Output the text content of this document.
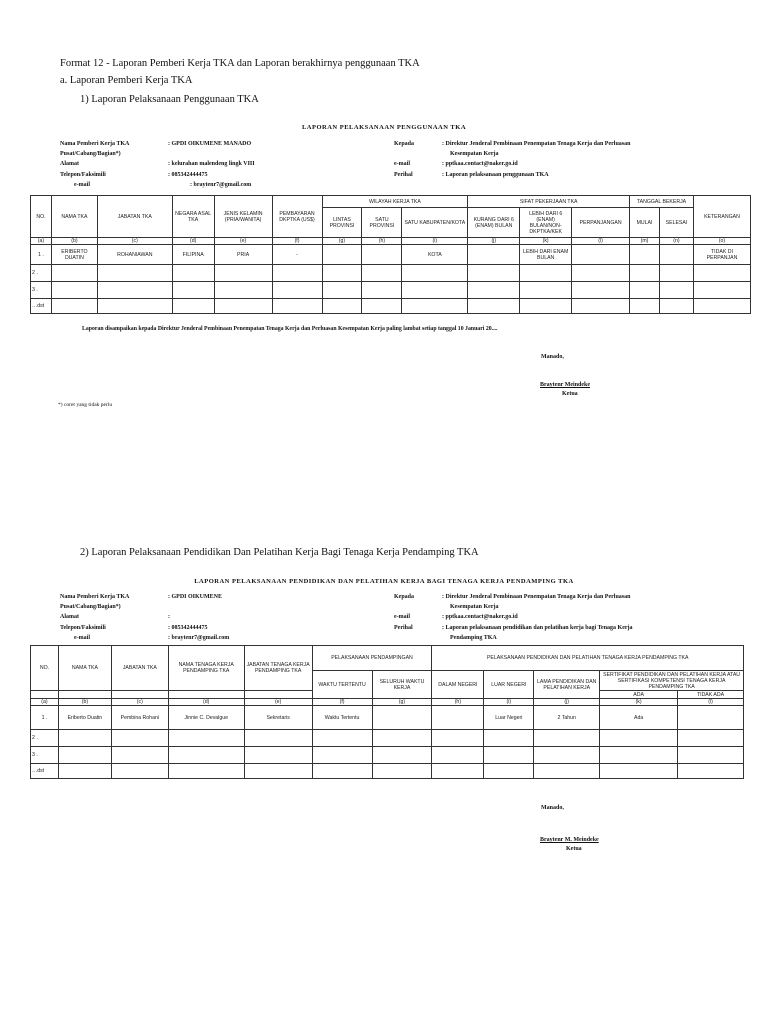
Format 12 - Laporan Pemberi Kerja TKA dan Laporan berakhirnya penggunaan TKA
a. Laporan Pemberi Kerja TKA
1) Laporan Pelaksanaan Penggunaan TKA
LAPORAN PELAKSANAAN PENGGUNAAN TKA
Nama Pemberi Kerja TKA	: GPDI OIKUMENE MANADO
Pusat/Cabang/Bagian*)	
Alamat	: kelurahan malendeng lingk VIII
Telepon/Faksimili	: 085342444475
e-mail	: braytenr7@gmail.com
Kepada	: Direktur Jenderal Pembinaan Penempatan Tenaga Kerja dan Perluasan
	Kesempatan Kerja
e-mail	: pptkaa.contact@naker.go.id
Perihal	: Laporan pelaksanaan penggunaan TKA
NO.	NAMA TKA	JABATAN TKA	NEGARA ASAL TKA	JENIS KELAMIN (PRIA/WANITA)	PEMBAYARAN DKPTKA (US$)	WILAYAH KERJA TKA			SIFAT PEKERJAAN TKA			TANGGAL BEKERJA		KETERANGAN
						LINTAS PROVINSI	SATU PROVINSI	SATU KABUPATEN/KOTA	KURANG DARI 6 (ENAM) BULAN	LEBIH DARI 6 (ENAM) BULAN/NON-DKPTKA/KEK	PERPANJANGAN	MULAI	SELESAI	
(a)	(b)	(c)	(d)	(e)	(f)	(g)	(h)	(i)	(j)	(k)	(l)	(m)	(n)	(o)
1 .	ERIBERTO DUATIN	ROHANIAWAN	FILIPINA	PRIA	-			KOTA		LEBIH DARI ENAM BULAN				TIDAK DI PERPANJAN
2 .														
3 .														
…dst														
Laporan disampaikan kepada Direktur Jenderal Pembinaan Penempatan Tenaga Kerja dan Perluasan Kesempatan Kerja paling lambat setiap tanggal 10 Januari 20....
Manado,
Braytenr Meindeke
Ketua
*) coret yang tidak perlu
2) Laporan Pelaksanaan Pendidikan Dan Pelatihan Kerja Bagi Tenaga Kerja Pendamping TKA
LAPORAN PELAKSANAAN PENDIDIKAN DAN PELATIHAN KERJA BAGI TENAGA KERJA PENDAMPING TKA
Nama Pemberi Kerja TKA	: GPDI OIKUMENE
Pusat/Cabang/Bagian*)	
Alamat	:
Telepon/Faksimili	: 085342444475
e-mail	: braytenr7@gmail.com
Kepada	: Direktur Jenderal Pembinaan Penempatan Tenaga Kerja dan Perluasan
	Kesempatan Kerja
e-mail	: pptkaa.contact@naker.go.id
Perihal	: Laporan pelaksanaan pendidikan dan pelatihan kerja bagi Tenaga Kerja
	Pendamping TKA
NO.	NAMA TKA	JABATAN TKA	NAMA TENAGA KERJA PENDAMPING TKA	JABATAN TENAGA KERJA PENDAMPING TKA	PELAKSANAAN PENDAMPINGAN		PELAKSANAAN PENDIDIKAN DAN PELATIHAN TENAGA KERJA PENDAMPING TKA				
					WAKTU TERTENTU	SELURUH WAKTU KERJA	DALAM NEGERI	LUAR NEGERI	LAMA PENDIDIKAN DAN PELATIHAN KERJA	SERTIFIKAT PENDIDIKAN DAN PELATIHAN KERJA ATAU SERTIFIKASI KOMPETENSI TENAGA KERJA PENDAMPING TKA	
										ADA	TIDAK ADA
(a)	(b)	(c)	(d)	(e)	(f)	(g)	(h)	(i)	(j)	(k)	(l)
1 .	Eriberto Duatin	Pembina Rohani	Jinnie C. Devalgue	Sekretaris	Waktu Tertentu			Luar Negeri	2 Tahun	Ada	
2 .											
3 .											
…dst											
Manado,
Braytenr M. Meindeke
Ketua
